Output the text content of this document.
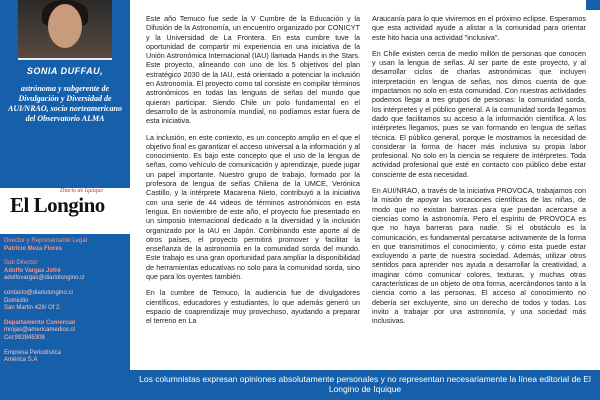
SONIA DUFFAU,
astrónoma y subgerente de Divulgación y Diversidad de AUI/NRAO, socio norteamericano del Observatorio ALMA
Diario de Iquique
El Longino
Director y Representante Legal
Patricio Meza Flores
Sub Director
Adolfo Vargas Jofré
adolfovargas@diariolongino.cl
contacto@diariolongino.cl
Domicilio
San Martin 428/ Of 2.
Departamento Comercial
mrojas@americamedios.cl
Cel:992845308
Empresa Periodística
América S.A

Este año Temuco fue sede la V Cumbre de la Educación y la Difusión de la Astronomía, un encuentro organizado por CONICYT y la Universidad de La Frontera. En esta cumbre tuve la oportunidad de compartir mi experiencia en una iniciativa de la Unión Astronómica Internacional (IAU) llamada Hands in the Stars. Este proyecto, alineando con uno de los 5 objetivos del plan estratégico 2030 de la IAU, está orientado a potenciar la inclusión en Astronomía. El proyecto como tal consiste en compilar términos astronómicos en todas las lenguas de señas del mundo que quieran participar. Siendo Chile un polo fundamental en el desarrollo de la astronomía mundial, no podíamos estar fuera de esta iniciativa.

La inclusión, en este contexto, es un concepto amplio en el que el objetivo final es garantizar el acceso universal a la información y al conocimiento. Es bajo este concepto que el uso de la lengua de señas, como vehículo de comunicación y aprendizaje, puede jugar un papel importante. Nuestro grupo de trabajo, formado por la profesora de lengua de señas Chilena de la UMCE, Verónica Castillo, y la intérprete Macarena Nieto, contribuyó a la iniciativa con una serie de 44 videos de términos astronómicos en esta lengua. En noviembre de este año, el proyecto fue presentado en un simposio internacional dedicado a la diversidad y la inclusión organizado por la IAU en Japón. Combinando este aporte al de otros países, el proyecto permitirá promover y facilitar la enseñanza de la astronomía en la comunidad sorda del mundo. Este trabajo es una gran oportunidad para ampliar la disponibilidad de herramientas educativas no solo para la comunidad sorda, sino que para los oyentes también.

En la cumbre de Temuco, la audiencia fue de divulgadores científicos, educadores y estudiantes, lo que además generó un espacio de coaprendizaje muy provechoso, ayudando a preparar el terreno en La

Araucanía para lo que viviremos en el próximo eclipse. Esperamos que esta actividad ayude a alistar a la comunidad para orientar este hito hacia una actividad "inclusiva".

En Chile existen cerca de medio millón de personas que conocen y usan la lengua de señas. Al ser parte de este proyecto, y al desarrollar ciclos de charlas astronómicas que incluyen interpretación en lengua de señas, nos dimos cuenta de que impactamos no solo en esta comunidad. Con nuestras actividades podemos llegar a tres grupos de personas: la comunidad sorda, los intérpretes y el público general. A la comunidad sorda llegamos dado que facilitamos su acceso a la información científica. A los intérpretes llegamos, pues se van formando en lengua de señas técnica. El público general, porque le mostramos la necesidad de considerar la forma de hacer más inclusiva su propia labor profesional. No solo en la ciencia se requiere de intérpretes. Toda actividad profesional que esté en contacto con público debe estar consciente de esta necesidad.

En AUI/NRAO, a través de la iniciativa PROVOCA, trabajamos con la misión de apoyar las vocaciones científicas de las niñas, de modo que no existan barreras para que puedan acercarse a ciencias como la astronomía. Pero el espíritu de PROVOCA es que no haya barreras para nadie. Si el obstáculo es la comunicación, es fundamental percatarse activamente de la forma en que transmitimos el conocimiento, y cómo esta puede estar excluyendo a parte de nuestra sociedad. Además, utilizar otros sentidos para aprender nos ayuda a desarrollar la creatividad, a imaginar cómo comunicar colores, texturas, y muchas otras características de un objeto de otra forma, acercándonos tanto a la ciencia como a las personas. El acceso al conocimiento no debería ser excluyente, sino un derecho de todos y todas. Los invito a trabajar por una astronomía, y una sociedad más inclusivas.

Los columnistas expresan opiniones absolutamente personales y no representan necesariamente la línea editorial de El Longino de Iquique
